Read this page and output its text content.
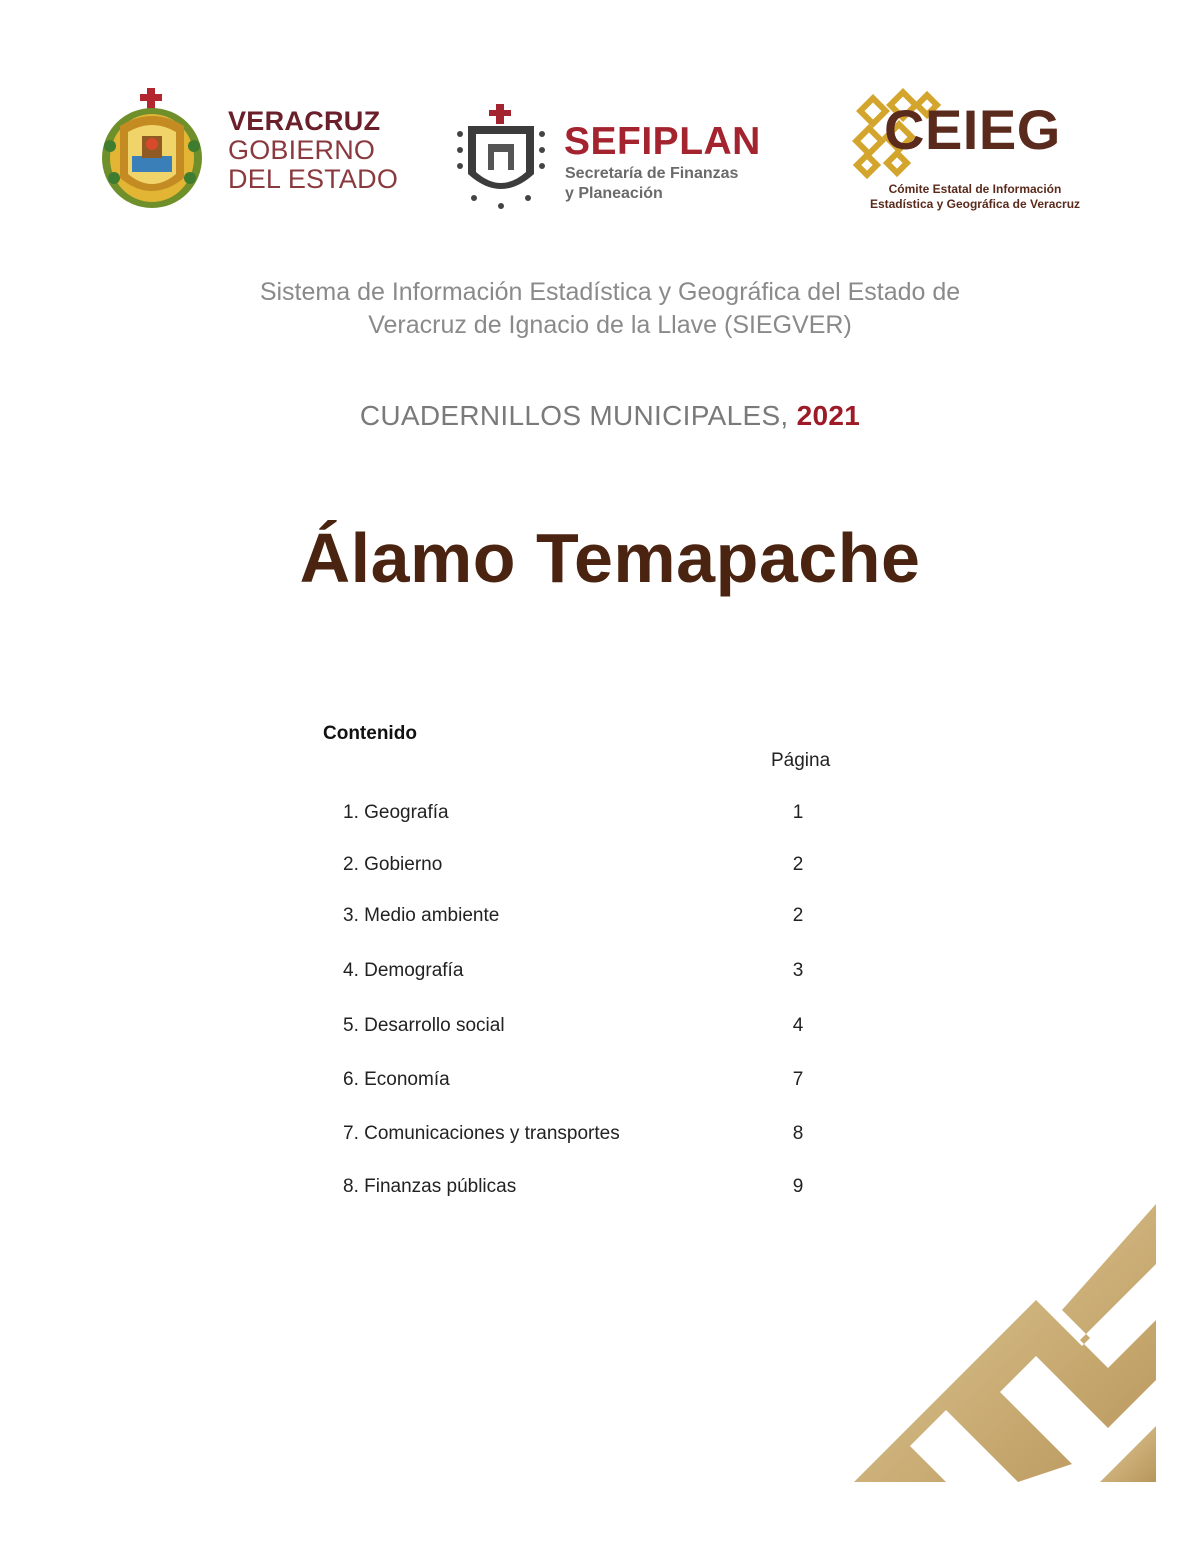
VERACRUZ
GOBIERNO
DEL ESTADO
SEFIPLAN
Secretaría de Finanzas
y Planeación
CEIEG
Cómite Estatal de Información
Estadística y Geográfica de Veracruz
Sistema de Información Estadística y Geográfica del Estado de
Veracruz de Ignacio de la Llave (SIEGVER)
CUADERNILLOS MUNICIPALES, 2021
Álamo Temapache
Contenido
Página
1. Geografía	1
2. Gobierno	2
3. Medio ambiente	2
4. Demografía	3
5. Desarrollo social	4
6. Economía	7
7. Comunicaciones y transportes	8
8. Finanzas públicas	9
